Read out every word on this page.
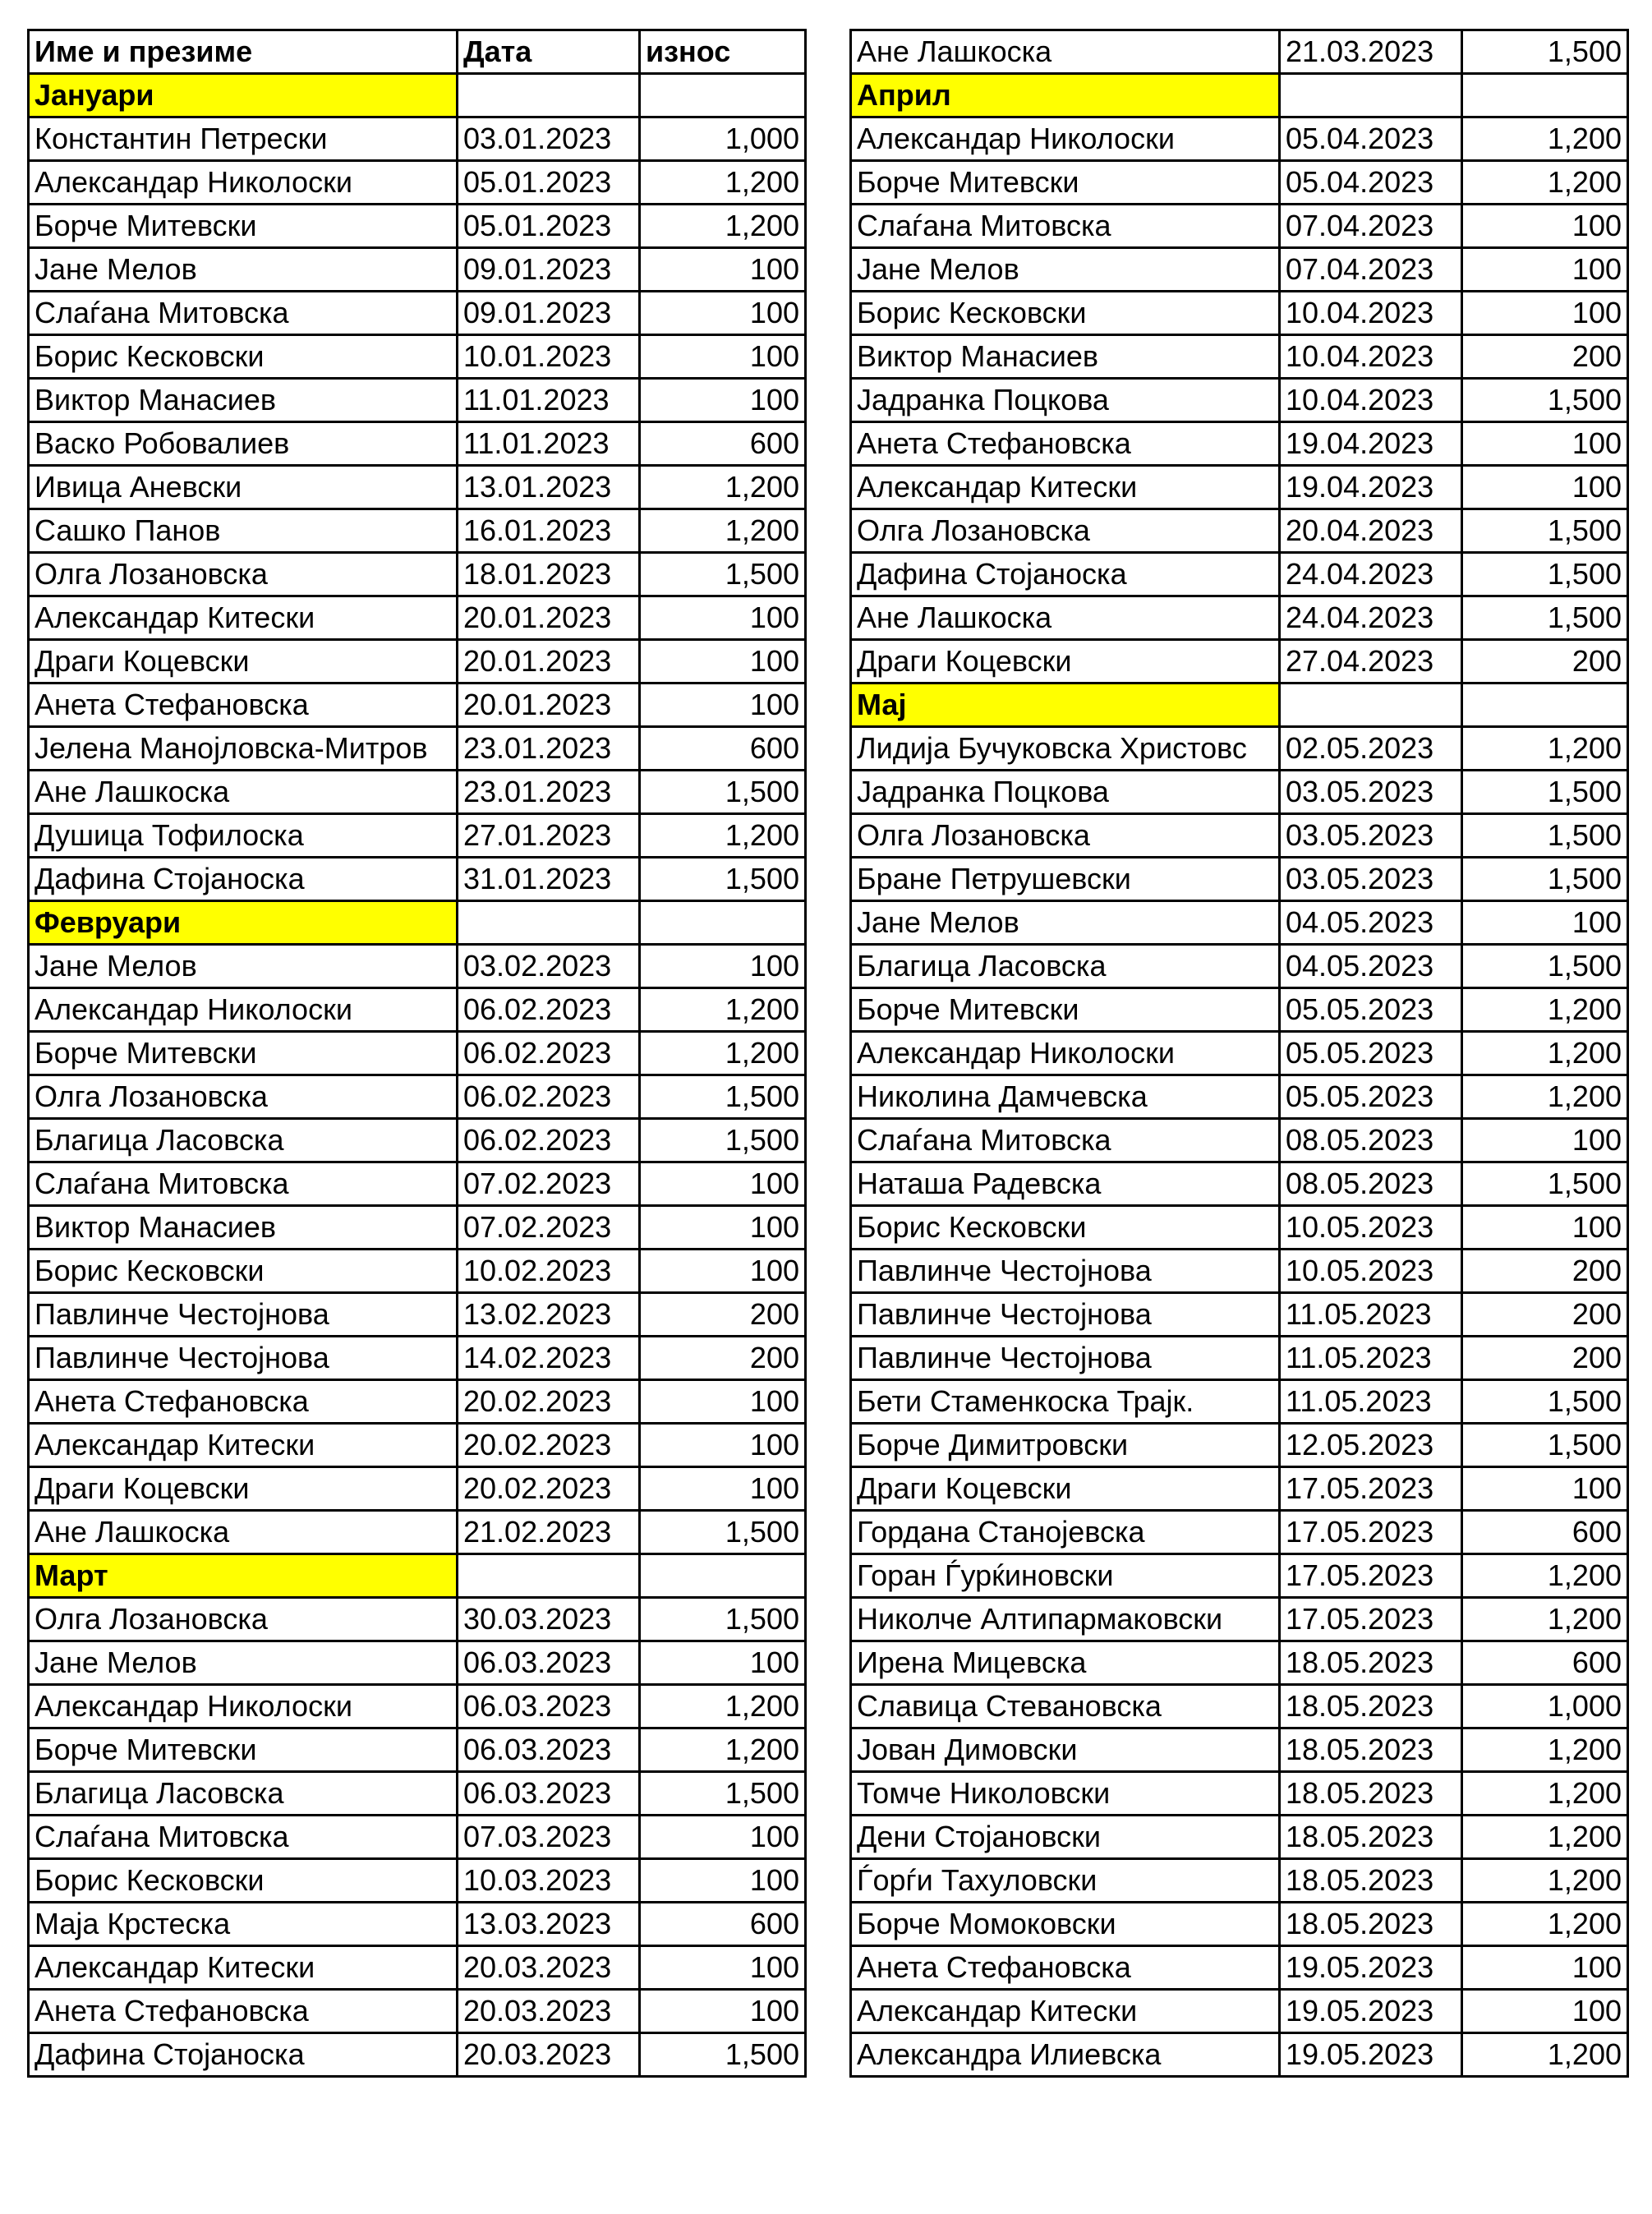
Име и презиме	Дата	износ
Јануари		
Константин Петрески	03.01.2023	1,000
Александар Николоски	05.01.2023	1,200
Борче Митевски	05.01.2023	1,200
Јане Мелов	09.01.2023	100
Слаѓана Митовска	09.01.2023	100
Борис Кесковски	10.01.2023	100
Виктор Манасиев	11.01.2023	100
Васко Робовалиев	11.01.2023	600
Ивица Аневски	13.01.2023	1,200
Сашко Панов	16.01.2023	1,200
Олга Лозановска	18.01.2023	1,500
Александар Китески	20.01.2023	100
Драги Коцевски	20.01.2023	100
Анета Стефановска	20.01.2023	100
Јелена Манојловска-Митров	23.01.2023	600
Ане Лашкоска	23.01.2023	1,500
Душица Тофилоска	27.01.2023	1,200
Дафина Стојаноска	31.01.2023	1,500
Февруари		
Јане Мелов	03.02.2023	100
Александар Николоски	06.02.2023	1,200
Борче Митевски	06.02.2023	1,200
Олга Лозановска	06.02.2023	1,500
Благица Ласовска	06.02.2023	1,500
Слаѓана Митовска	07.02.2023	100
Виктор Манасиев	07.02.2023	100
Борис Кесковски	10.02.2023	100
Павлинче Честојнова	13.02.2023	200
Павлинче Честојнова	14.02.2023	200
Анета Стефановска	20.02.2023	100
Александар Китески	20.02.2023	100
Драги Коцевски	20.02.2023	100
Ане Лашкоска	21.02.2023	1,500
Март		
Олга Лозановска	30.03.2023	1,500
Јане Мелов	06.03.2023	100
Александар Николоски	06.03.2023	1,200
Борче Митевски	06.03.2023	1,200
Благица Ласовска	06.03.2023	1,500
Слаѓана Митовска	07.03.2023	100
Борис Кесковски	10.03.2023	100
Маја Крстеска	13.03.2023	600
Александар Китески	20.03.2023	100
Анета Стефановска	20.03.2023	100
Дафина Стојаноска	20.03.2023	1,500
Ане Лашкоска	21.03.2023	1,500
Април		
Александар Николоски	05.04.2023	1,200
Борче Митевски	05.04.2023	1,200
Слаѓана Митовска	07.04.2023	100
Јане Мелов	07.04.2023	100
Борис Кесковски	10.04.2023	100
Виктор Манасиев	10.04.2023	200
Јадранка Поцкова	10.04.2023	1,500
Анета Стефановска	19.04.2023	100
Александар Китески	19.04.2023	100
Олга Лозановска	20.04.2023	1,500
Дафина Стојаноска	24.04.2023	1,500
Ане Лашкоска	24.04.2023	1,500
Драги Коцевски	27.04.2023	200
Мај		
Лидија Бучуковска Христовс	02.05.2023	1,200
Јадранка Поцкова	03.05.2023	1,500
Олга Лозановска	03.05.2023	1,500
Бране Петрушевски	03.05.2023	1,500
Јане Мелов	04.05.2023	100
Благица Ласовска	04.05.2023	1,500
Борче Митевски	05.05.2023	1,200
Александар Николоски	05.05.2023	1,200
Николина Дамчевска	05.05.2023	1,200
Слаѓана Митовска	08.05.2023	100
Наташа Радевска	08.05.2023	1,500
Борис Кесковски	10.05.2023	100
Павлинче Честојнова	10.05.2023	200
Павлинче Честојнова	11.05.2023	200
Павлинче Честојнова	11.05.2023	200
Бети Стаменкоска Трајк.	11.05.2023	1,500
Борче Димитровски	12.05.2023	1,500
Драги Коцевски	17.05.2023	100
Гордана Станојевска	17.05.2023	600
Горан Ѓурќиновски	17.05.2023	1,200
Николче Алтипармаковски	17.05.2023	1,200
Ирена Мицевска	18.05.2023	600
Славица Стевановска	18.05.2023	1,000
Јован Димовски	18.05.2023	1,200
Томче Николовски	18.05.2023	1,200
Дени Стојановски	18.05.2023	1,200
Ѓорѓи Тахуловски	18.05.2023	1,200
Борче Момоковски	18.05.2023	1,200
Анета Стефановска	19.05.2023	100
Александар Китески	19.05.2023	100
Александра Илиевска	19.05.2023	1,200
